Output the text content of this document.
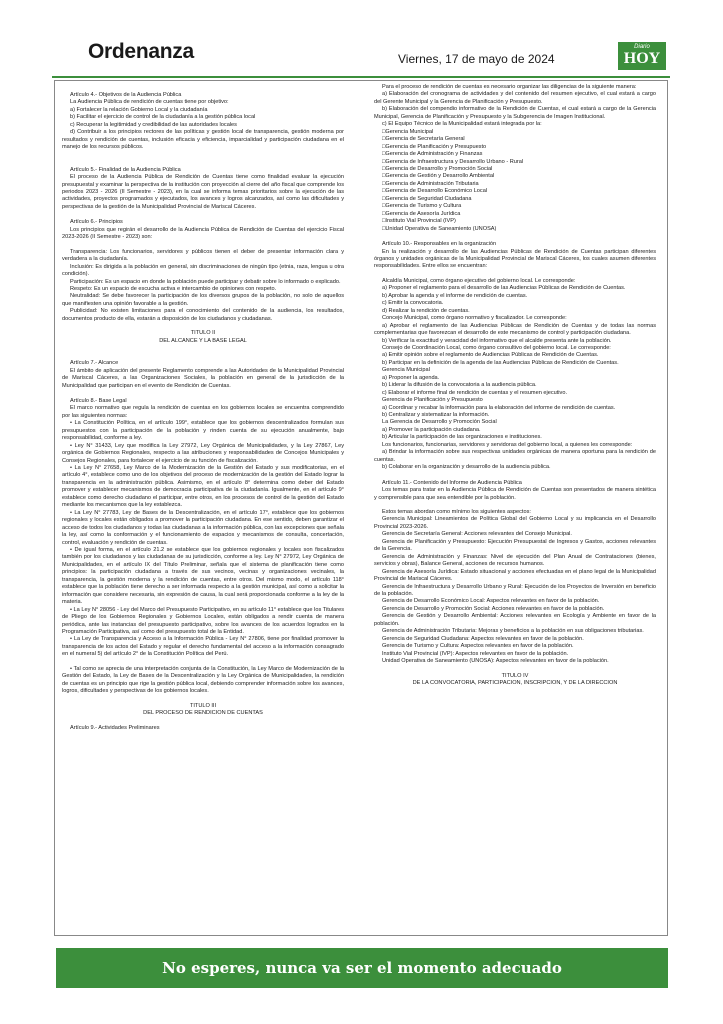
Ordenanza	Viernes, 17 de mayo de 2024
Diario
HOY

Artículo 4.- Objetivos de la Audiencia Pública

La Audiencia Pública de rendición de cuentas tiene por objetivo:

a) Fortalecer la relación Gobierno Local y la ciudadanía

b) Facilitar el ejercicio de control de la ciudadanía a la gestión pública local

c) Recuperar la legitimidad y credibilidad de las autoridades locales

d) Contribuir a los principios rectores de las políticas y gestión local de transparencia, gestión moderna por resultados y rendición de cuentas, inclusión eficacia y eficiencia, imparcialidad y participación ciudadana en el manejo de los recursos públicos.

Artículo 5.- Finalidad de la Audiencia Pública

El proceso de la Audiencia Pública de Rendición de Cuentas tiene como finalidad evaluar la ejecución presupuestal y examinar la perspectiva de la institución con proyección al cierre del año fiscal que comprende los periodos 2023 - 2026 (II Semestre - 2023), en la cual se informa temas prioritarios sobre la ejecución de las actividades, proyectos programados y ejecutados, los avances y logros alcanzados, así como las dificultades y perspectivas de la gestión de la Municipalidad Provincial de Mariscal Cáceres.

Artículo 6.- Principios

Los principios que regirán el desarrollo de la Audiencia Pública de Rendición de Cuentas del ejercicio Fiscal 2023-2026 (II Semestre - 2023) son:

Transparencia: Los funcionarios, servidores y públicos tienen el deber de presentar información clara y verdadera a la ciudadanía.

Inclusión: Es dirigida a la población en general, sin discriminaciones de ningún tipo (etnia, raza, lengua u otra condición).

Participación: Es un espacio en donde la población puede participar y debatir sobre lo informado o explicado.

Respeto: Es un espacio de escucha activa e intercambio de opiniones con respeto.

Neutralidad: Se debe favorecer la participación de los diversos grupos de la población, no solo de aquellos que manifiesten una opinión favorable a la gestión.

Publicidad: No existen limitaciones para el conocimiento del contenido de la audiencia, los resultados, documentos producto de ella, estarán a disposición de los ciudadanos y ciudadanas.

TITULO II

DEL ALCANCE Y LA BASE LEGAL

Artículo 7.- Alcance

El ámbito de aplicación del presente Reglamento comprende a las Autoridades de la Municipalidad Provincial de Mariscal Cáceres, a las Organizaciones Sociales, la población en general de la jurisdicción de la Municipalidad que participan en el evento de Rendición de Cuentas.

Artículo 8.- Base Legal

El marco normativo que regula la rendición de cuentas en los gobiernos locales se encuentra comprendido por las siguientes normas:

• La Constitución Política, en el artículo 199°, establece que los gobiernos descentralizados formulan sus presupuestos con la participación de la población y rinden cuenta de su ejecución anualmente, bajo responsabilidad, conforme a ley.

• Ley N° 31433, Ley que modifica la Ley 27972, Ley Orgánica de Municipalidades, y la Ley 27867, Ley orgánica de Gobiernos Regionales, respecto a las atribuciones y responsabilidades de Concejos Municipales y Consejos Regionales, para fortalecer el ejercicio de su función de fiscalización.

• La Ley N° 27658, Ley Marco de la Modernización de la Gestión del Estado y sus modificatorias, en el artículo 4°, establece como uno de los objetivos del proceso de modernización de la gestión del Estado lograr la transparencia en la administración pública. Asimismo, en el artículo 8° determina como deber del Estado promover y establecer mecanismos de democracia participativa de la ciudadanía. Igualmente, en el artículo 9° establece como derecho ciudadano el participar, entre otros, en los procesos de control de la gestión del Estado mediante los mecanismos que la ley establezca.

• La Ley N° 27783, Ley de Bases de la Descentralización, en el artículo 17°, establece que los gobiernos regionales y locales están obligados a promover la participación ciudadana. En ese sentido, deben garantizar el acceso de todos los ciudadanos y todas las ciudadanas a la información pública, con las excepciones que señala la ley, así como la conformación y el funcionamiento de espacios y mecanismos de consulta, concertación, control, evaluación y rendición de cuentas.

• De igual forma, en el artículo 21.2 se establece que los gobiernos regionales y locales son fiscalizados también por los ciudadanos y las ciudadanas de su jurisdicción, conforme a ley. Ley N° 27972, Ley Orgánica de Municipalidades, en el artículo IX del Título Preliminar, señala que el sistema de planificación tiene como principios: la participación ciudadana a través de sus vecinos, vecinas y organizaciones vecinales, la transparencia, la gestión moderna y la rendición de cuentas, entre otros. Del mismo modo, el artículo 118° establece que la población tiene derecho a ser informada respecto a la gestión municipal, así como a solicitar la información que considere necesaria, sin expresión de causa, la cual será proporcionada conforme a la ley de la materia.

• La Ley N° 28056 - Ley del Marco del Presupuesto Participativo, en su artículo 11° establece que los Titulares de Pliego de los Gobiernos Regionales y Gobiernos Locales, están obligados a rendir cuenta de manera periódica, ante las instancias del presupuesto participativo, sobre los avances de los acuerdos logrados en la Programación Participativa, así como del presupuesto total de la Entidad.

• La Ley de Transparencia y Acceso a la Información Pública - Ley N° 27806, tiene por finalidad promover la transparencia de los actos del Estado y regular el derecho fundamental del acceso a la información consagrado en el numeral 5) del artículo 2° de la Constitución Política del Perú.

• Tal como se aprecia de una interpretación conjunta de la Constitución, la Ley Marco de Modernización de la Gestión del Estado, la Ley de Bases de la Descentralización y la Ley Orgánica de Municipalidades, la rendición de cuentas es un principio que rige la gestión pública local, debiendo comprender información sobre los avances, logros, dificultades y perspectivas de los gobiernos locales.

TITULO III

DEL PROCESO DE RENDICION DE CUENTAS

Artículo 9.- Actividades Preliminares

Para el proceso de rendición de cuentas es necesario organizar las diligencias de la siguiente manera:

a) Elaboración del cronograma de actividades y del contenido del resumen ejecutivo, el cual estará a cargo del Gerente Municipal y la Gerencia de Planificación y Presupuesto.

b) Elaboración del compendio informativo de la Rendición de Cuentas, el cual estará a cargo de la Gerencia Municipal, Gerencia de Planificación y Presupuesto y la Subgerencia de Imagen Institucional.

c) El Equipo Técnico de la Municipalidad estará integrada por la:

□ Gerencia Municipal

□ Gerencia de Secretaría General

□ Gerencia de Planificación y Presupuesto

□ Gerencia de Administración y Finanzas

□ Gerencia de Infraestructura y Desarrollo Urbano - Rural

□ Gerencia de Desarrollo y Promoción Social

□ Gerencia de Gestión y Desarrollo Ambiental

□ Gerencia de Administración Tributaria

□ Gerencia de Desarrollo Económico Local

□ Gerencia de Seguridad Ciudadana

□ Gerencia de Turismo y Cultura

□ Gerencia de Asesoría Jurídica

□ Instituto Vial Provincial (IVP)

□ Unidad Operativa de Saneamiento (UNOSA)

Artículo 10.- Responsables en la organización

En la realización y desarrollo de las Audiencias Públicas de Rendición de Cuentas participan diferentes órganos y unidades orgánicas de la Municipalidad Provincial de Mariscal Cáceres, los cuales asumen diferentes responsabilidades. Entre ellos se encuentran:

Alcaldía Municipal, como órgano ejecutivo del gobierno local. Le corresponde:

a) Proponer el reglamento para el desarrollo de las Audiencias Públicas de Rendición de Cuentas.

b) Aprobar la agenda y el informe de rendición de cuentas.

c) Emitir la convocatoria.

d) Realizar la rendición de cuentas.

Concejo Municipal, como órgano normativo y fiscalizador. Le corresponde:

a) Aprobar el reglamento de las Audiencias Públicas de Rendición de Cuentas y de todas las normas complementarias que favorezcan el desarrollo de este mecanismo de control y participación ciudadana.

b) Verificar la exactitud y veracidad del informativo que el alcalde presenta ante la población.

Consejo de Coordinación Local, como órgano consultivo del gobierno local. Le corresponde:

a) Emitir opinión sobre el reglamento de Audiencias Públicas de Rendición de Cuentas.

b) Participar en la definición de la agenda de las Audiencias Públicas de Rendición de Cuentas.

Gerencia Municipal

a) Proponer la agenda.

b) Liderar la difusión de la convocatoria a la audiencia pública.

c) Elaborar el informe final de rendición de cuentas y el resumen ejecutivo.

Gerencia de Planificación y Presupuesto

a) Coordinar y recabar la información para la elaboración del informe de rendición de cuentas.

b) Centralizar y sistematizar la información.

La Gerencia de Desarrollo y Promoción Social

a) Promover la participación ciudadana.

b) Articular la participación de las organizaciones e instituciones.

Los funcionarios, funcionarias, servidores y servidoras del gobierno local, a quienes les corresponde:

a) Brindar la información sobre sus respectivas unidades orgánicas de manera oportuna para la rendición de cuentas.

b) Colaborar en la organización y desarrollo de la audiencia pública.

Artículo 11.- Contenido del Informe de Audiencia Pública

Los temas para tratar en la Audiencia Pública de Rendición de Cuentas son presentados de manera sintética y comprensible para que sea entendible por la población.

Estos temas abordan como mínimo los siguientes aspectos:

Gerencia Municipal: Lineamientos de Política Global del Gobierno Local y su implicancia en el Desarrollo Provincial 2023-2026.

Gerencia de Secretaría General: Acciones relevantes del Consejo Municipal.

Gerencia de Planificación y Presupuesto: Ejecución Presupuestal de Ingresos y Gastos, acciones relevantes de la Gerencia.

Gerencia de Administración y Finanzas: Nivel de ejecución del Plan Anual de Contrataciones (bienes, servicios y obras), Balance General, acciones de recursos humanos.

Gerencia de Asesoría Jurídica: Estado situacional y acciones efectuadas en el plano legal de la Municipalidad Provincial de Mariscal Cáceres.

Gerencia de Infraestructura y Desarrollo Urbano y Rural: Ejecución de los Proyectos de Inversión en beneficio de la población.

Gerencia de Desarrollo Económico Local: Aspectos relevantes en favor de la población.

Gerencia de Desarrollo y Promoción Social: Acciones relevantes en favor de la población.

Gerencia de Gestión y Desarrollo Ambiental: Acciones relevantes en Ecología y Ambiente en favor de la población.

Gerencia de Administración Tributaria: Mejoras y beneficios a la población en sus obligaciones tributarias.

Gerencia de Seguridad Ciudadana: Aspectos relevantes en favor de la población.

Gerencia de Turismo y Cultura: Aspectos relevantes en favor de la población.

Instituto Vial Provincial (IVP): Aspectos relevantes en favor de la población.

Unidad Operativa de Saneamiento (UNOSA): Aspectos relevantes en favor de la población.

TITULO IV

DE LA CONVOCATORIA, PARTICIPACION, INSCRIPCION, Y DE LA DIRECCION

No esperes, nunca va ser el momento adecuado
